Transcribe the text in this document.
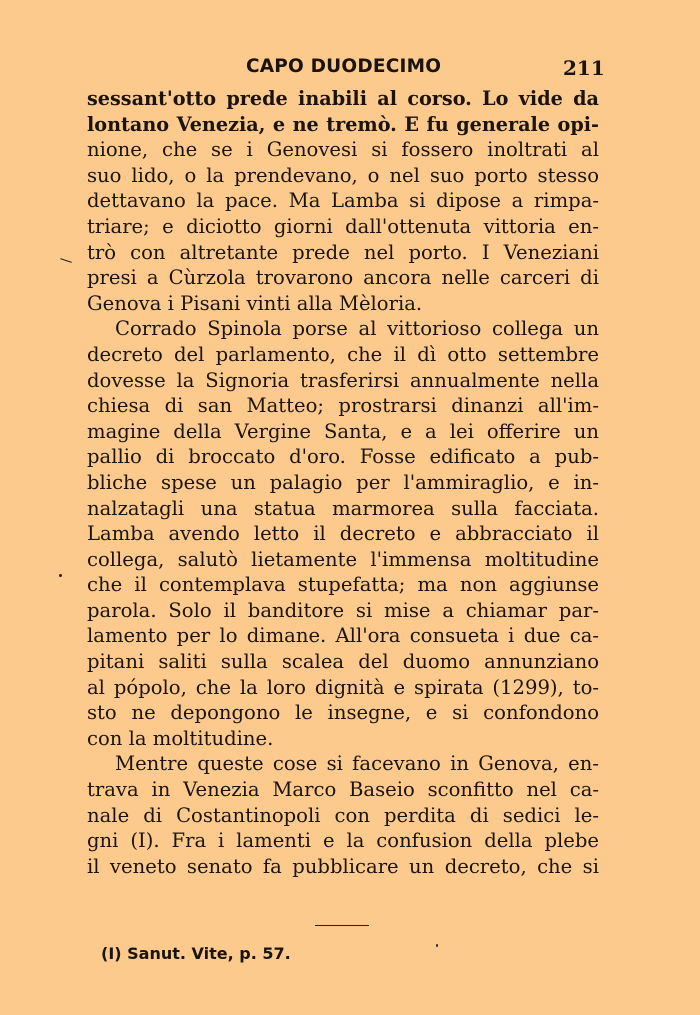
CAPO DUODECIMO	211
sessant'otto prede inabili al corso. Lo vide da
lontano Venezia, e ne tremò. E fu generale opi-
nione, che se i Genovesi si fossero inoltrati al
suo lido, o la prendevano, o nel suo porto stesso
dettavano la pace. Ma Lamba si dipose a rimpa-
triare; e diciotto giorni dall'ottenuta vittoria en-
trò con altretante prede nel porto. I Veneziani
presi a Cùrzola trovarono ancora nelle carceri di
Genova i Pisani vinti alla Mèloria.
Corrado Spinola porse al vittorioso collega un
decreto del parlamento, che il dì otto settembre
dovesse la Signoria trasferirsi annualmente nella
chiesa di san Matteo; prostrarsi dinanzi all'im-
magine della Vergine Santa, e a lei offerire un
pallio di broccato d'oro. Fosse edificato a pub-
bliche spese un palagio per l'ammiraglio, e in-
nalzatagli una statua marmorea sulla facciata.
Lamba avendo letto il decreto e abbracciato il
collega, salutò lietamente l'immensa moltitudine
che il contemplava stupefatta; ma non aggiunse
parola. Solo il banditore si mise a chiamar par-
lamento per lo dimane. All'ora consueta i due ca-
pitani saliti sulla scalea del duomo annunziano
al pópolo, che la loro dignità e spirata (1299), to-
sto ne depongono le insegne, e si confondono
con la moltitudine.
Mentre queste cose si facevano in Genova, en-
trava in Venezia Marco Baseio sconfitto nel ca-
nale di Costantinopoli con perdita di sedici le-
gni (I). Fra i lamenti e la confusion della plebe
il veneto senato fa pubblicare un decreto, che si
(I) Sanut. Vite, p. 57.
